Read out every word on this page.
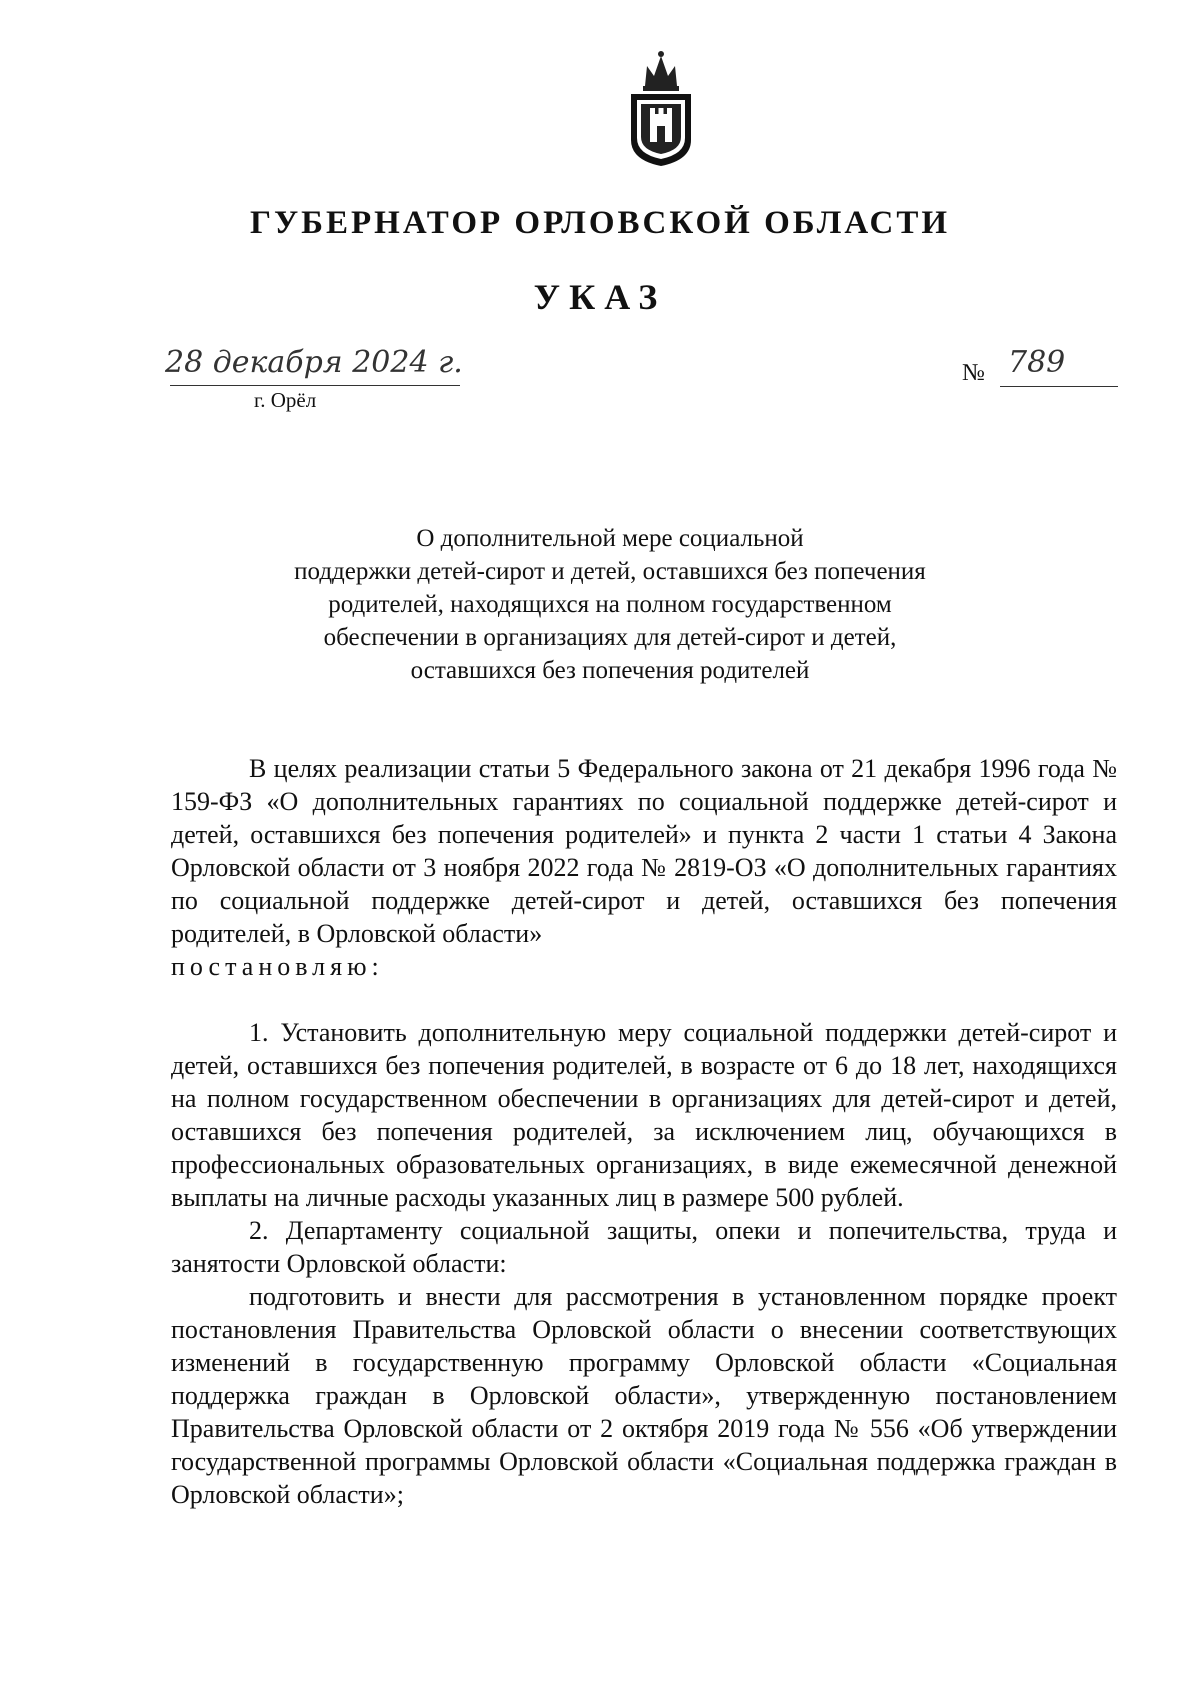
ГУБЕРНАТОР ОРЛОВСКОЙ ОБЛАСТИ
УКАЗ
28 декабря 2024 г.
г. Орёл
№ 789
О дополнительной мере социальной
поддержки детей-сирот и детей, оставшихся без попечения
родителей, находящихся на полном государственном
обеспечении в организациях для детей-сирот и детей,
оставшихся без попечения родителей

В целях реализации статьи 5 Федерального закона от 21 декабря 1996 года № 159-ФЗ «О дополнительных гарантиях по социальной поддержке детей-сирот и детей, оставшихся без попечения родителей» и пункта 2 части 1 статьи 4 Закона Орловской области от 3 ноября 2022 года № 2819-ОЗ «О дополнительных гарантиях по социальной поддержке детей-сирот и детей, оставшихся без попечения родителей, в Орловской области»

постановляю:

1. Установить дополнительную меру социальной поддержки детей-сирот и детей, оставшихся без попечения родителей, в возрасте от 6 до 18 лет, находящихся на полном государственном обеспечении в организациях для детей-сирот и детей, оставшихся без попечения родителей, за исключением лиц, обучающихся в профессиональных образовательных организациях, в виде ежемесячной денежной выплаты на личные расходы указанных лиц в размере 500 рублей.

2. Департаменту социальной защиты, опеки и попечительства, труда и занятости Орловской области:

подготовить и внести для рассмотрения в установленном порядке проект постановления Правительства Орловской области о внесении соответствующих изменений в государственную программу Орловской области «Социальная поддержка граждан в Орловской области», утвержденную постановлением Правительства Орловской области от 2 октября 2019 года № 556 «Об утверждении государственной программы Орловской области «Социальная поддержка граждан в Орловской области»;
